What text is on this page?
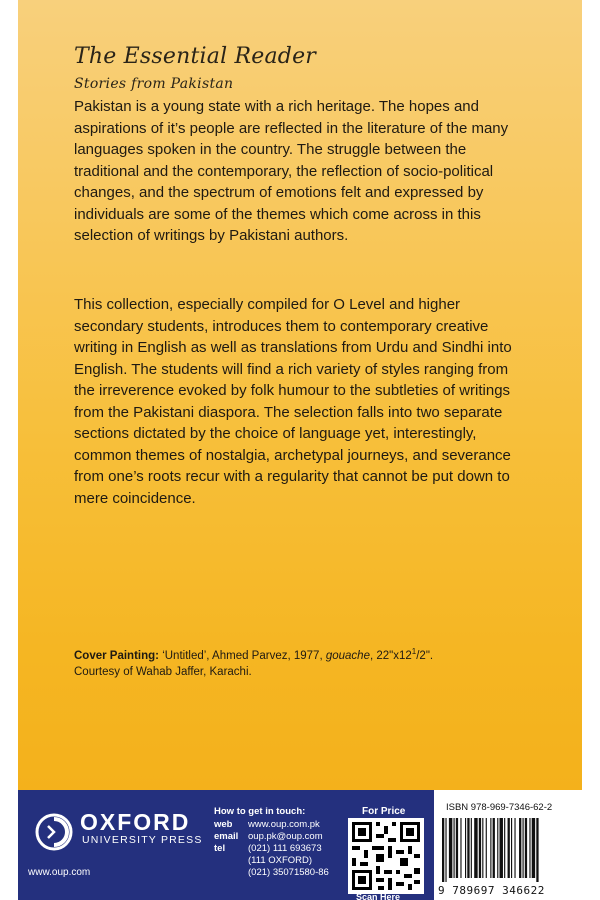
The Essential Reader
Stories from Pakistan

Pakistan is a young state with a rich heritage. The hopes and aspirations of it’s people are reflected in the literature of the many languages spoken in the country. The struggle between the traditional and the contemporary, the reflection of socio-political changes, and the spectrum of emotions felt and expressed by individuals are some of the themes which come across in this selection of writings by Pakistani authors.

This collection, especially compiled for O Level and higher secondary students, introduces them to contemporary creative writing in English as well as translations from Urdu and Sindhi into English. The students will find a rich variety of styles ranging from the irreverence evoked by folk humour to the subtleties of writings from the Pakistani diaspora. The selection falls into two separate sections dictated by the choice of language yet, interestingly, common themes of nostalgia, archetypal journeys, and severance from one’s roots recur with a regularity that cannot be put down to mere coincidence.

Cover Painting: ‘Untitled’, Ahmed Parvez, 1977, gouache, $22"x12^1/2$".
Courtesy of Wahab Jaffer, Karachi.
OXFORD
UNIVERSITY PRESS
www.oup.com
How to get in touch:
web www.oup.com.pk
email oup.pk@oup.com
tel (021) 111 693673
(111 OXFORD)
(021) 35071580-86
For Price
Scan Here
ISBN 978-969-7346-62-2
9 789697 346622
